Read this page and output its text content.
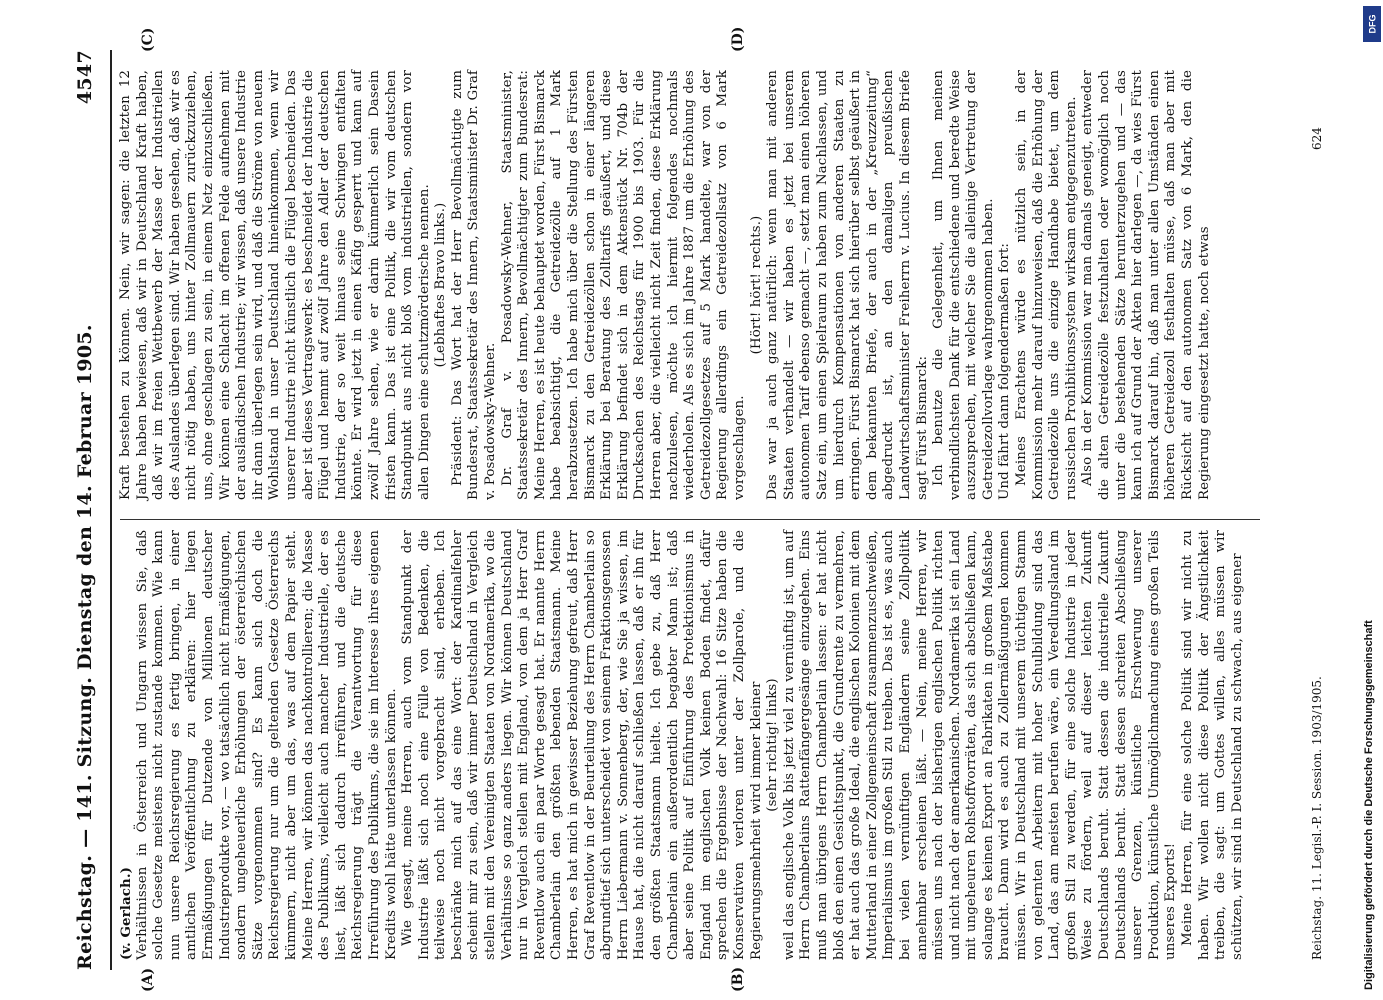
Reichstag. — 141. Sitzung.
Dienstag den 14. Februar 1905.
4547
(A)	(B)
(C)	(D)

(v. Gerlach.) Verhältnissen in Österreich und Ungarn wissen Sie, daß solche Gesetze meistens nicht zustande kommen. Wie kann nun unsere Reichsregierung es fertig bringen, in einer amtlichen Veröffentlichung zu erklären: hier liegen Ermäßigungen für Dutzende von Millionen deutscher Industrieprodukte vor, — wo tatsächlich nicht Ermäßigungen, sondern ungeheuerliche Erhöhungen der österreichischen Sätze vorgenommen sind? Es kann sich doch die Reichsregierung nur um die geltenden Gesetze Österreichs kümmern, nicht aber um das, was auf dem Papier steht. Meine Herren, wir können das nachkontrollieren; die Masse des Publikums, vielleicht auch mancher Industrielle, der es liest, läßt sich dadurch irreführen, und die deutsche Reichsregierung trägt die Verantwortung für diese Irreführung des Publikums, die sie im Interesse ihres eigenen Kredits wohl hätte unterlassen können. Wie gesagt, meine Herren, auch vom Standpunkt der Industrie läßt sich noch eine Fülle von Bedenken, die teilweise noch nicht vorgebracht sind, erheben. Ich beschränke mich auf das eine Wort: der Kardinalfehler scheint mir zu sein, daß wir immer Deutschland in Vergleich stellen mit den Vereinigten Staaten von Nordamerika, wo die Verhältnisse so ganz anders liegen. Wir können Deutschland nur in Vergleich stellen mit England, von dem ja Herr Graf Reventlow auch ein paar Worte gesagt hat. Er nannte Herrn Chamberlain den größten lebenden Staatsmann. Meine Herren, es hat mich in gewisser Beziehung gefreut, daß Herr Graf Reventlow in der Beurteilung des Herrn Chamberlain so abgrundtief sich unterscheidet von seinem Fraktionsgenossen Herrn Liebermann v. Sonnenberg, der, wie Sie ja wissen, im Hause hat, die nicht darauf schließen lassen, daß er ihn für den größten Staatsmann hielte. Ich gebe zu, daß Herr Chamberlain ein außerordentlich begabter Mann ist; daß aber seine Politik auf Einführung des Protektionismus in England im englischen Volk keinen Boden findet, dafür sprechen die Ergebnisse der Nachwahl: 16 Sitze haben die Konservativen verloren unter der Zollparole, und die Regierungsmehrheit wird immer kleiner (sehr richtig! links) weil das englische Volk bis jetzt viel zu vernünftig ist, um auf Herrn Chamberlains Rattenfängergesänge einzugehen. Eins muß man übrigens Herrn Chamberlain lassen: er hat nicht bloß den einen Gesichtspunkt, die Grundrente zu vermehren, er hat auch das große Ideal, die englischen Kolonien mit dem Mutterland in einer Zollgemeinschaft zusammenzuschweißen, Imperialismus im großen Stil zu treiben. Das ist es, was auch bei vielen vernünftigen Engländern seine Zollpolitik annehmbar erscheinen läßt. — Nein, meine Herren, wir müssen uns nach der bisherigen englischen Politik richten und nicht nach der amerikanischen. Nordamerika ist ein Land mit ungeheuren Rohstoffvorräten, das sich abschließen kann, solange es keinen Export an Fabrikaten in großem Maßstabe braucht. Dann wird es auch zu Zollermäßigungen kommen müssen. Wir in Deutschland mit unserem tüchtigen Stamm von gelernten Arbeitern mit hoher Schulbildung sind das Land, das am meisten berufen wäre, ein Veredlungsland im großen Stil zu werden, für eine solche Industrie in jeder Weise zu fördern, weil auf dieser leichten Zukunft Deutschlands beruht. Statt dessen die industrielle Zukunft Deutschlands beruht. Statt dessen schreiten Abschließung unserer Grenzen, künstliche Erschwerung unserer Produktion, künstliche Unmöglichmachung eines großen Teils unseres Exports! Meine Herren, für eine solche Politik sind wir nicht zu haben. Wir wollen nicht diese Politik der Ängstlichkeit treiben, die sagt: um Gottes willen, alles müssen wir schützen, wir sind in Deutschland zu schwach, aus eigener

Kraft bestehen zu können. Nein, wir sagen: die letzten 12 Jahre haben bewiesen, daß wir in Deutschland Kraft haben, daß wir im freien Wettbewerb der Masse der Industriellen des Auslandes überlegen sind. Wir haben gesehen, daß wir es nicht nötig haben, uns hinter Zollmauern zurückzuziehen, uns, ohne geschlagen zu sein, in einem Netz einzuschließen. Wir können eine Schlacht im offenen Felde aufnehmen mit der ausländischen Industrie; wir wissen, daß unsere Industrie ihr dann überlegen sein wird, und daß die Ströme von neuem Wohlstand in unser Deutschland hineinkommen, wenn wir unserer Industrie nicht künstlich die Flügel beschneiden. Das aber ist dieses Vertragswerk: es beschneidet der Industrie die Flügel und hemmt auf zwölf Jahre den Adler der deutschen Industrie, der so weit hinaus seine Schwingen entfalten könnte. Er wird jetzt in einen Käfig gesperrt und kann auf zwölf Jahre sehen, wie er darin kümmerlich sein Dasein fristen kann. Das ist eine Politik, die wir vom deutschen Standpunkt aus nicht bloß vom industriellen, sondern vor allen Dingen eine schutzmörderische nennen. (Lebhaftes Bravo links.) Präsident: Das Wort hat der Herr Bevollmächtigte zum Bundesrat, Staatssekretär des Innern, Staatsminister Dr. Graf v. Posadowsky-Wehner. Dr. Graf v. Posadowsky-Wehner, Staatsminister, Staatssekretär des Innern, Bevollmächtigter zum Bundesrat: Meine Herren, es ist heute behauptet worden, Fürst Bismarck habe beabsichtigt, die Getreidezölle auf 1 Mark herabzusetzen. Ich habe mich über die Stellung des Fürsten Bismarck zu den Getreidezöllen schon in einer längeren Erklärung bei Beratung des Zolltarifs geäußert, und diese Erklärung befindet sich in dem Aktenstück Nr. 704b der Drucksachen des Reichstags für 1900 bis 1903. Für die Herren aber, die vielleicht nicht Zeit finden, diese Erklärung nachzulesen, möchte ich hiermit folgendes nochmals wiederholen. Als es sich im Jahre 1887 um die Erhöhung des Getreidezollgesetzes auf 5 Mark handelte, war von der Regierung allerdings ein Getreidezollsatz von 6 Mark vorgeschlagen.

(Hört! hört! rechts.) Das war ja auch ganz natürlich: wenn man mit anderen Staaten verhandelt — wir haben es jetzt bei unserem autonomen Tarif ebenso gemacht —, setzt man einen höheren Satz ein, um einen Spielraum zu haben zum Nachlassen, und um hierdurch Kompensationen von anderen Staaten zu erringen. Fürst Bismarck hat sich hierüber selbst geäußert in dem bekannten Briefe, der auch in der „Kreuzzeitung“ abgedruckt ist, an den damaligen preußischen Landwirtschaftsminister Freiherrn v. Lucius. In diesem Briefe sagt Fürst Bismarck: Ich benutze die Gelegenheit, um Ihnen meinen verbindlichsten Dank für die entschiedene und beredte Weise auszusprechen, mit welcher Sie die alleinige Vertretung der Getreidezollvorlage wahrgenommen haben. Und fährt dann folgendermaßen fort: Meines Erachtens würde es nützlich sein, in der Kommission mehr darauf hinzuweisen, daß die Erhöhung der Getreidezölle uns die einzige Handhabe bietet, um dem russischen Prohibitionssystem wirksam entgegenzutreten. Also in der Kommission war man damals geneigt, entweder die alten Getreidezölle festzuhalten oder womöglich noch unter die bestehenden Sätze herunterzugehen und — das kann ich auf Grund der Akten hier darlegen —, da wies Fürst Bismarck darauf hin, daß man unter allen Umständen einen höheren Getreidezoll festhalten müsse, daß man aber mit Rücksicht auf den autonomen Satz von 6 Mark, den die Regierung eingesetzt hatte, noch etwas

Reichstag. 11. Legisl.-P. I. Session. 1903/1905.
624
Digitalisierung gefördert durch die Deutsche Forschungsgemeinschaft
DFG
